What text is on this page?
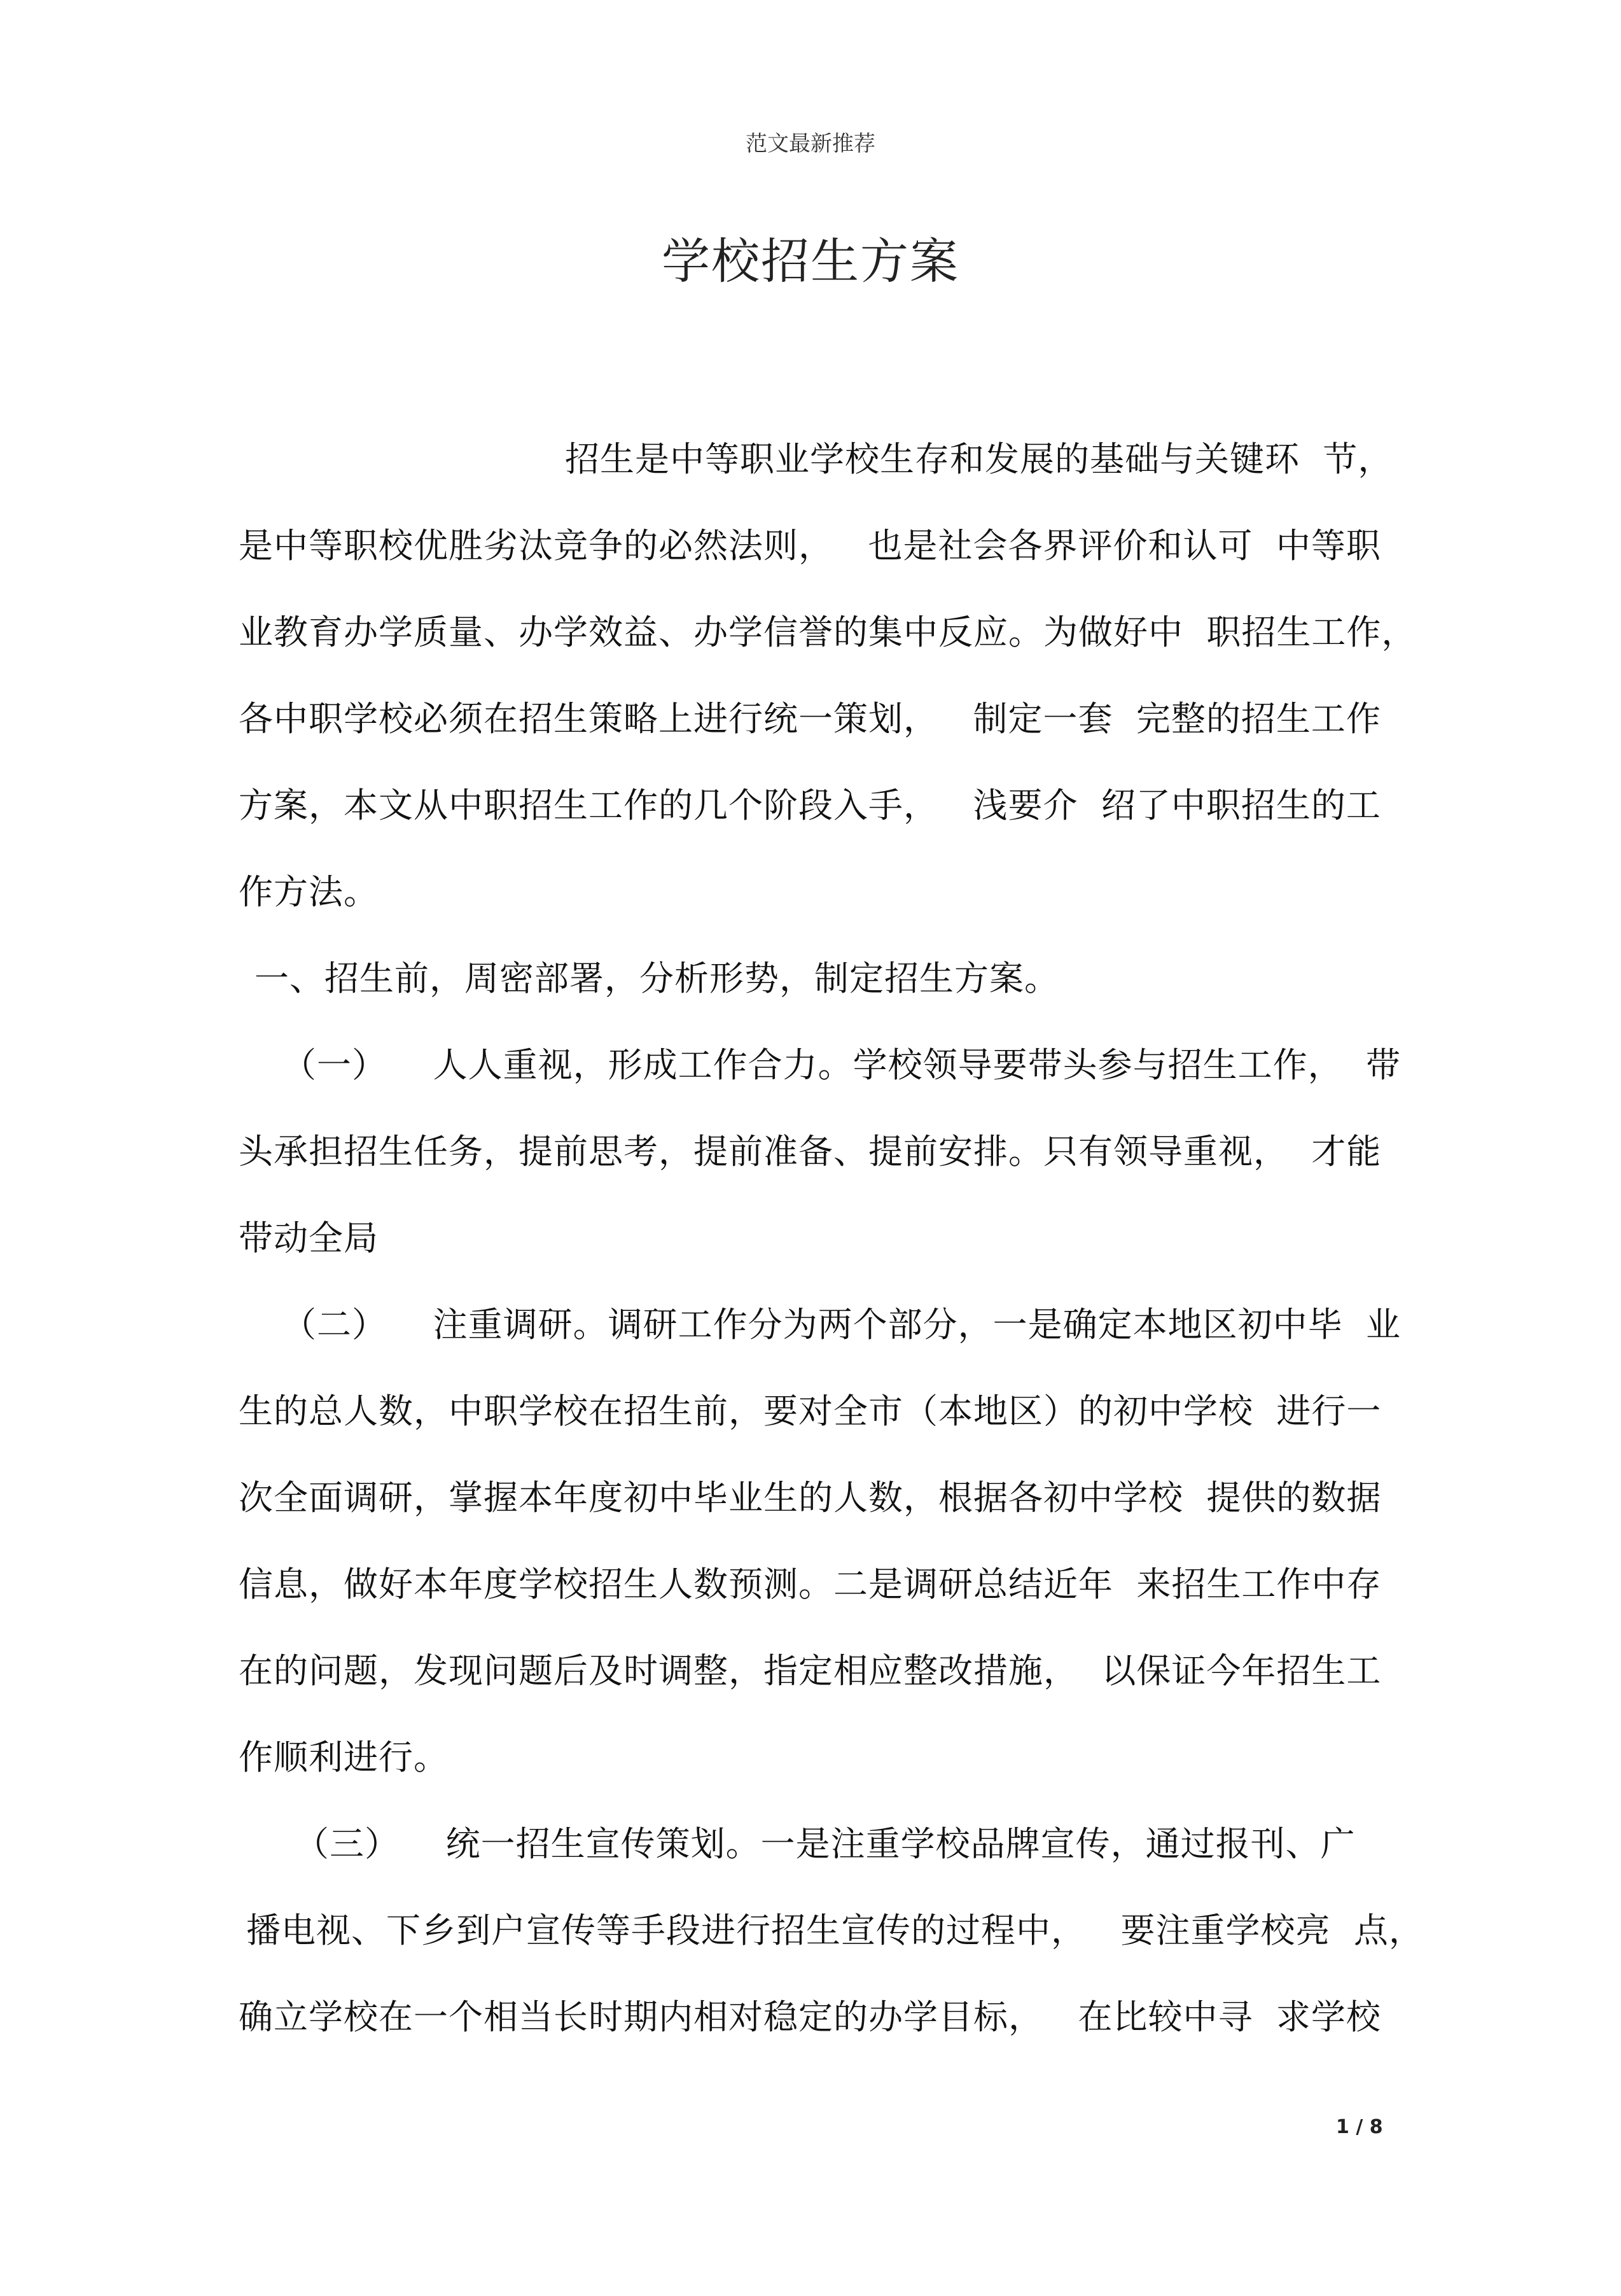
范文最新推荐
学校招生方案
招生是中等职业学校生存和发展的基础与关键环  节，
是中等职校优胜劣汰竞争的必然法则，   也是社会各界评价和认可  中等职
业教育办学质量、办学效益、办学信誉的集中反应。为做好中  职招生工作，
各中职学校必须在招生策略上进行统一策划，   制定一套  完整的招生工作
方案，本文从中职招生工作的几个阶段入手，   浅要介  绍了中职招生的工
作方法。
一、招生前，周密部署，分析形势，制定招生方案。
（一）    人人重视，形成工作合力。学校领导要带头参与招生工作，  带
头承担招生任务，提前思考，提前准备、提前安排。只有领导重视，  才能
带动全局
（二）    注重调研。调研工作分为两个部分，一是确定本地区初中毕  业
生的总人数，中职学校在招生前，要对全市（本地区）的初中学校  进行一
次全面调研，掌握本年度初中毕业生的人数，根据各初中学校  提供的数据
信息，做好本年度学校招生人数预测。二是调研总结近年  来招生工作中存
在的问题，发现问题后及时调整，指定相应整改措施，  以保证今年招生工
作顺利进行。
（三）    统一招生宣传策划。一是注重学校品牌宣传，通过报刊、广
播电视、下乡到户宣传等手段进行招生宣传的过程中，   要注重学校亮  点，
确立学校在一个相当长时期内相对稳定的办学目标，   在比较中寻  求学校
1 / 8
